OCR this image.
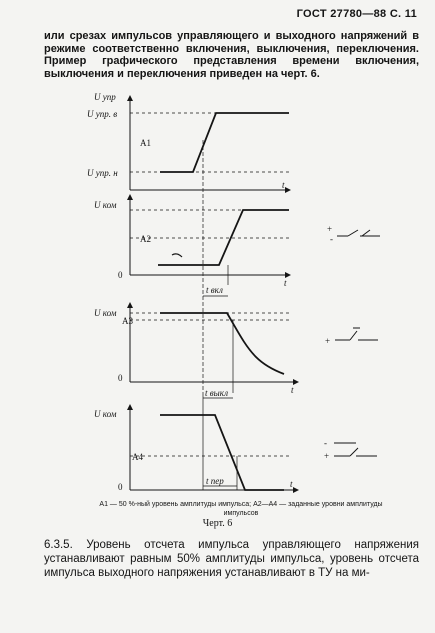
ГОСТ 27780—88 С. 11

или срезах импульсов управляющего и выходного напряжений в режиме соответственно включения, выключения, переключения. Пример графического представления времени включения, выключения и переключения приведен на черт. 6.

U упр
U упр. в
U упр. н
A1
t
U ком
0
A2
t
t вкл
U ком
0
A3
t
t выкл
U ком
0
A4
t
t пер
+
-
+
-
+
A1 — 50 %-ный уровень амплитуды импульса; A2—A4 — заданные уровни амплитуды импульсов
Черт. 6

6.3.5. Уровень отсчета импульса управляющего напряжения устанавливают равным 50% амплитуды импульса, уровень отсчета импульса выходного напряжения устанавливают в ТУ на ми-
